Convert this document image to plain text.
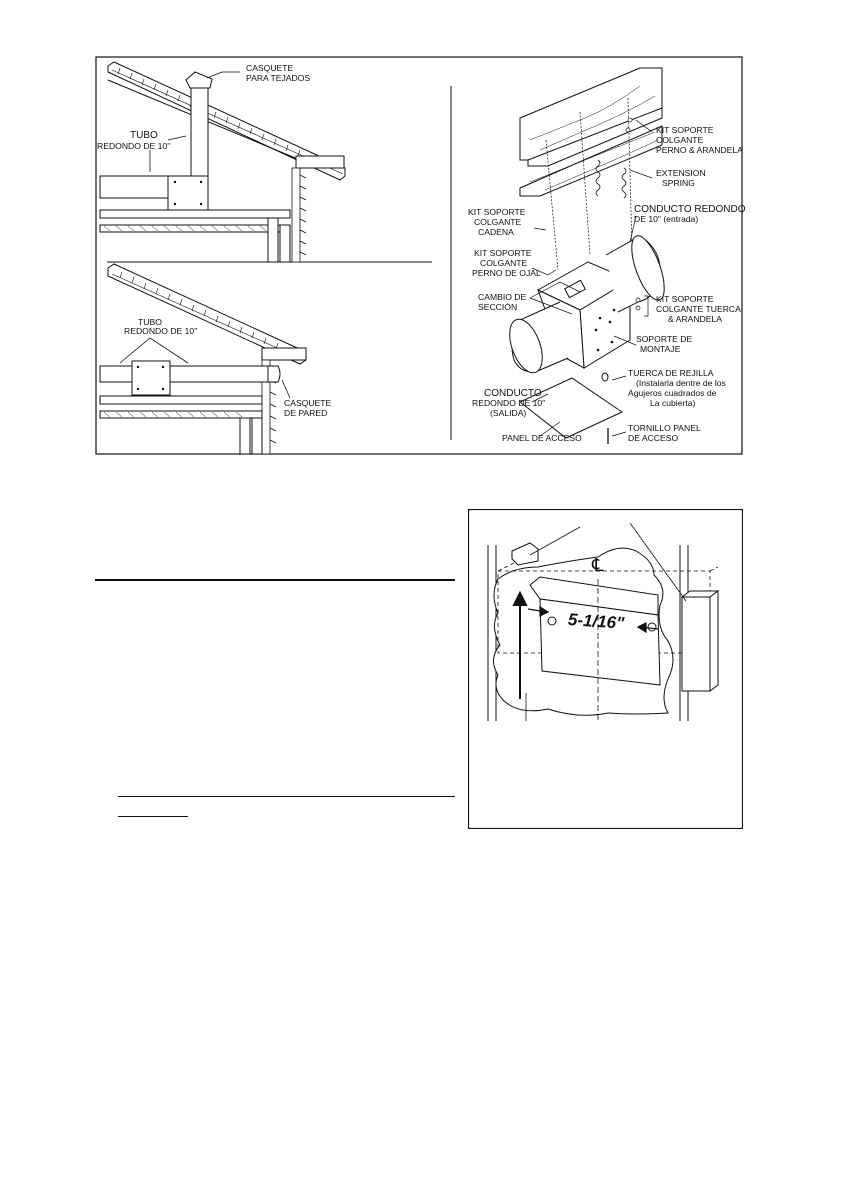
CASQUETE
PARA TEJADOS
TUBO
REDONDO DE 10"
TUBO
REDONDO DE 10"
CASQUETE
DE PARED
KIT SOPORTE
COLGANTE
PERNO & ARANDELA
EXTENSION
SPRING
KIT SOPORTE
COLGANTE
CADENA
CONDUCTO REDONDO
DE 10" (entrada)
KIT SOPORTE
COLGANTE
PERNO DE OJAL
CAMBIO DE
SECCIÓN
KIT SOPORTE
COLGANTE TUERCA
& ARANDELA
SOPORTE DE
MONTAJE
CONDUCTO
REDONDO DE 10"
(SALIDA)
TUERCA DE REJILLA
(Instalarla dentre de los
Agujeros cuadrados de
La cubierta)
PANEL DE ACCESO
TORNILLO PANEL
DE ACCESO
℄
5-1/16"
